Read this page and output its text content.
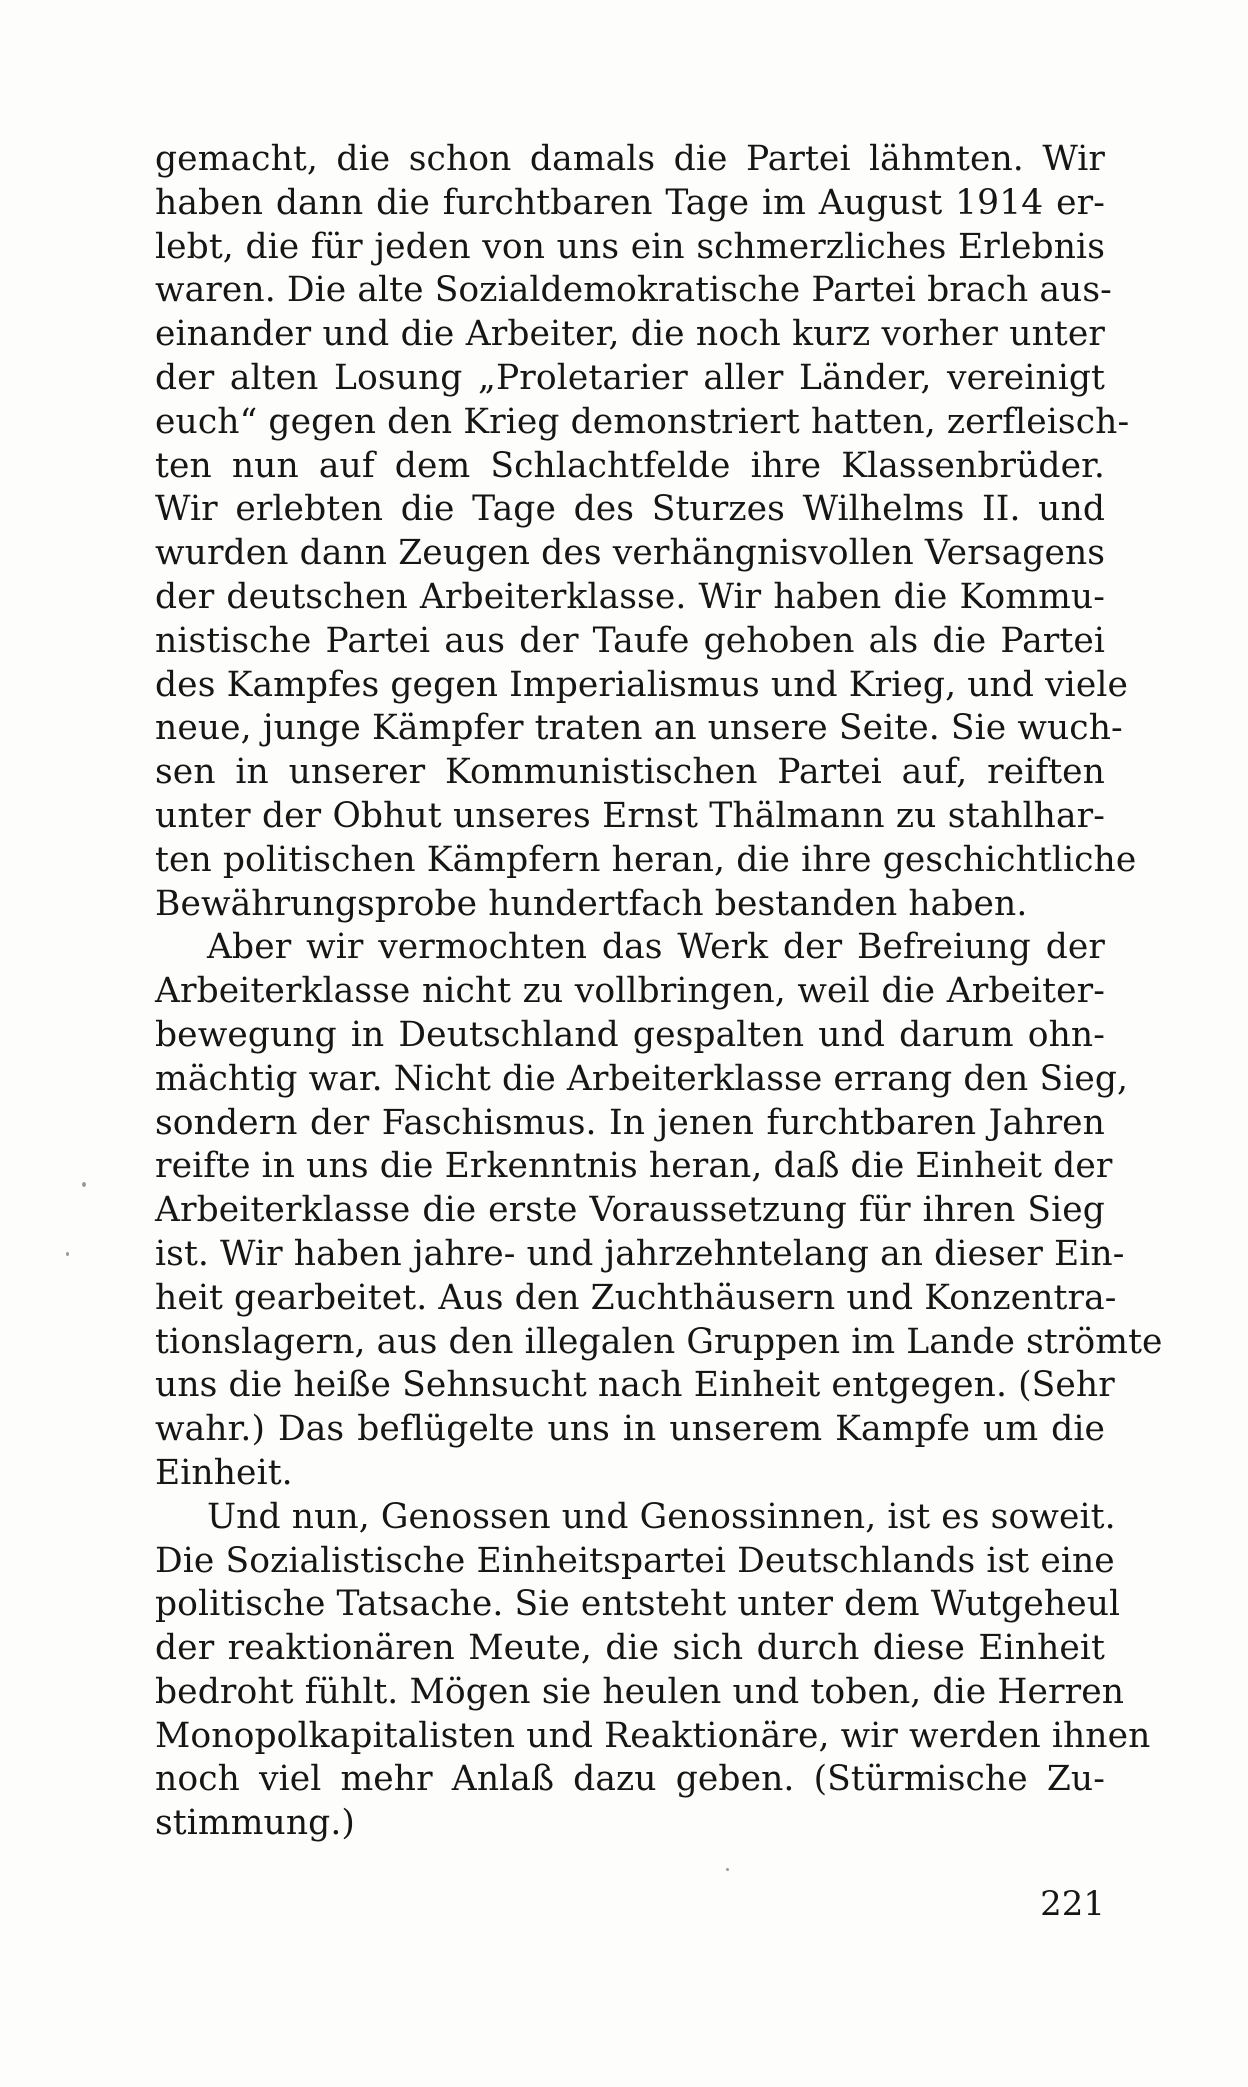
gemacht, die schon damals die Partei lähmten. Wir
haben dann die furchtbaren Tage im August 1914 er-
lebt, die für jeden von uns ein schmerzliches Erlebnis
waren. Die alte Sozialdemokratische Partei brach aus-
einander und die Arbeiter, die noch kurz vorher unter
der alten Losung „Proletarier aller Länder, vereinigt
euch“ gegen den Krieg demonstriert hatten, zerfleisch-
ten nun auf dem Schlachtfelde ihre Klassenbrüder.
Wir erlebten die Tage des Sturzes Wilhelms II. und
wurden dann Zeugen des verhängnisvollen Versagens
der deutschen Arbeiterklasse. Wir haben die Kommu-
nistische Partei aus der Taufe gehoben als die Partei
des Kampfes gegen Imperialismus und Krieg, und viele
neue, junge Kämpfer traten an unsere Seite. Sie wuch-
sen in unserer Kommunistischen Partei auf, reiften
unter der Obhut unseres Ernst Thälmann zu stahlhar-
ten politischen Kämpfern heran, die ihre geschichtliche
Bewährungsprobe hundertfach bestanden haben.
Aber wir vermochten das Werk der Befreiung der
Arbeiterklasse nicht zu vollbringen, weil die Arbeiter-
bewegung in Deutschland gespalten und darum ohn-
mächtig war. Nicht die Arbeiterklasse errang den Sieg,
sondern der Faschismus. In jenen furchtbaren Jahren
reifte in uns die Erkenntnis heran, daß die Einheit der
Arbeiterklasse die erste Voraussetzung für ihren Sieg
ist. Wir haben jahre- und jahrzehntelang an dieser Ein-
heit gearbeitet. Aus den Zuchthäusern und Konzentra-
tionslagern, aus den illegalen Gruppen im Lande strömte
uns die heiße Sehnsucht nach Einheit entgegen. (Sehr
wahr.) Das beflügelte uns in unserem Kampfe um die
Einheit.
Und nun, Genossen und Genossinnen, ist es soweit.
Die Sozialistische Einheitspartei Deutschlands ist eine
politische Tatsache. Sie entsteht unter dem Wutgeheul
der reaktionären Meute, die sich durch diese Einheit
bedroht fühlt. Mögen sie heulen und toben, die Herren
Monopolkapitalisten und Reaktionäre, wir werden ihnen
noch viel mehr Anlaß dazu geben. (Stürmische Zu-
stimmung.)
221
